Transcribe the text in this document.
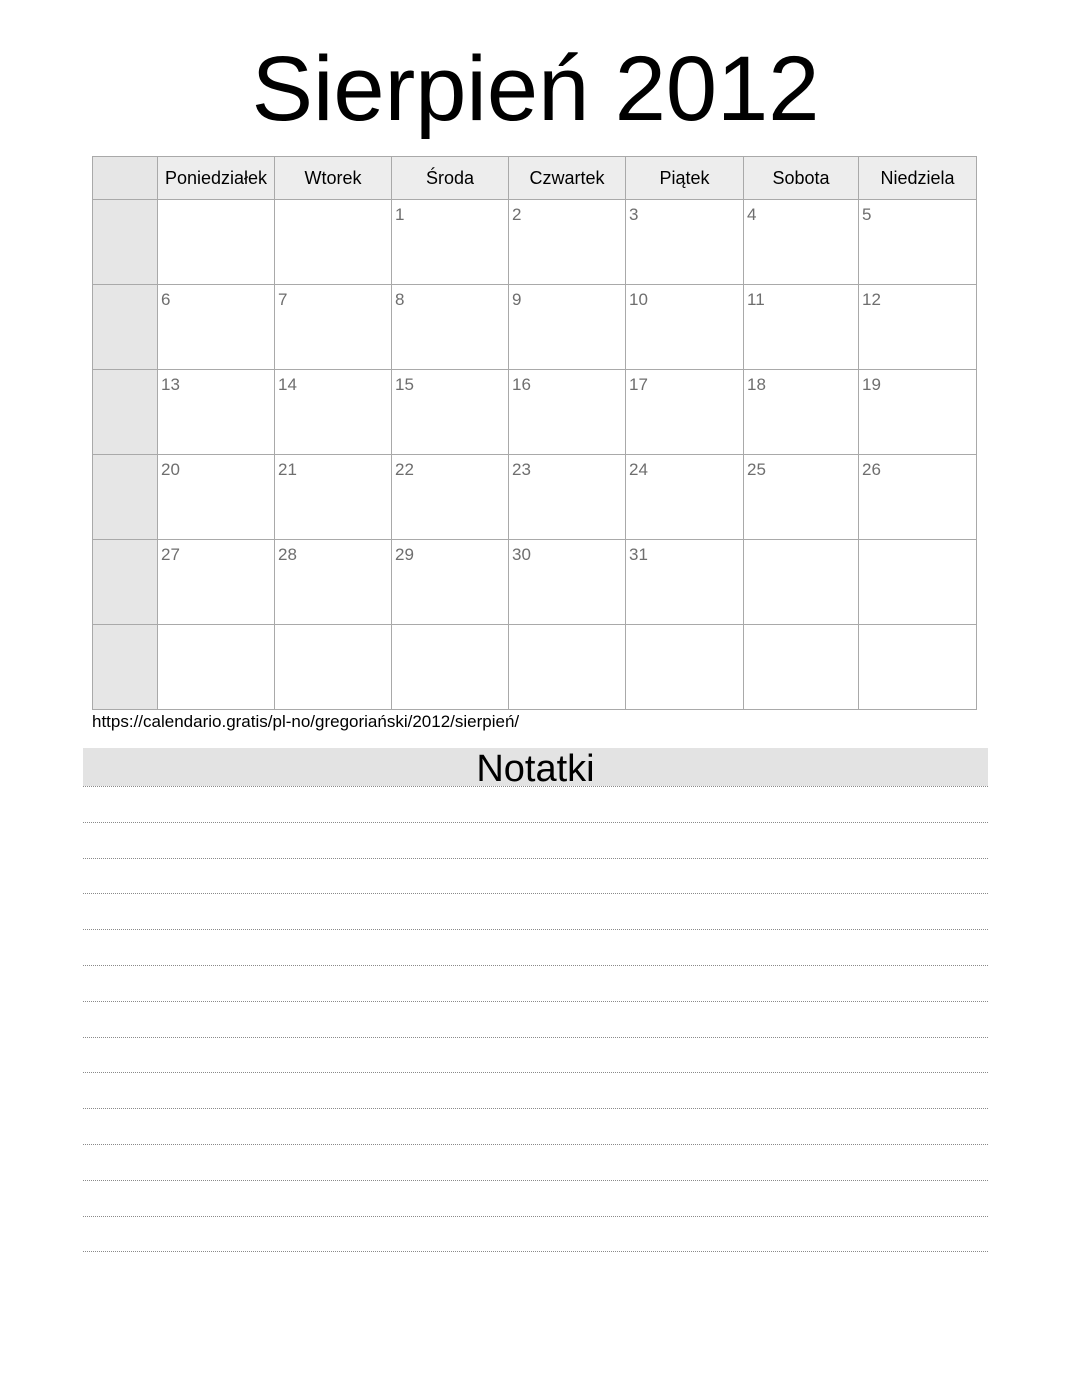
Sierpień 2012
	Poniedziałek	Wtorek	Środa	Czwartek	Piątek	Sobota	Niedziela

			1	2	3	4	5

	6	7	8	9	10	11	12

	13	14	15	16	17	18	19

	20	21	22	23	24	25	26

	27	28	29	30	31		

https://calendario.gratis/pl-no/gregoriański/2012/sierpień/
Notatki
